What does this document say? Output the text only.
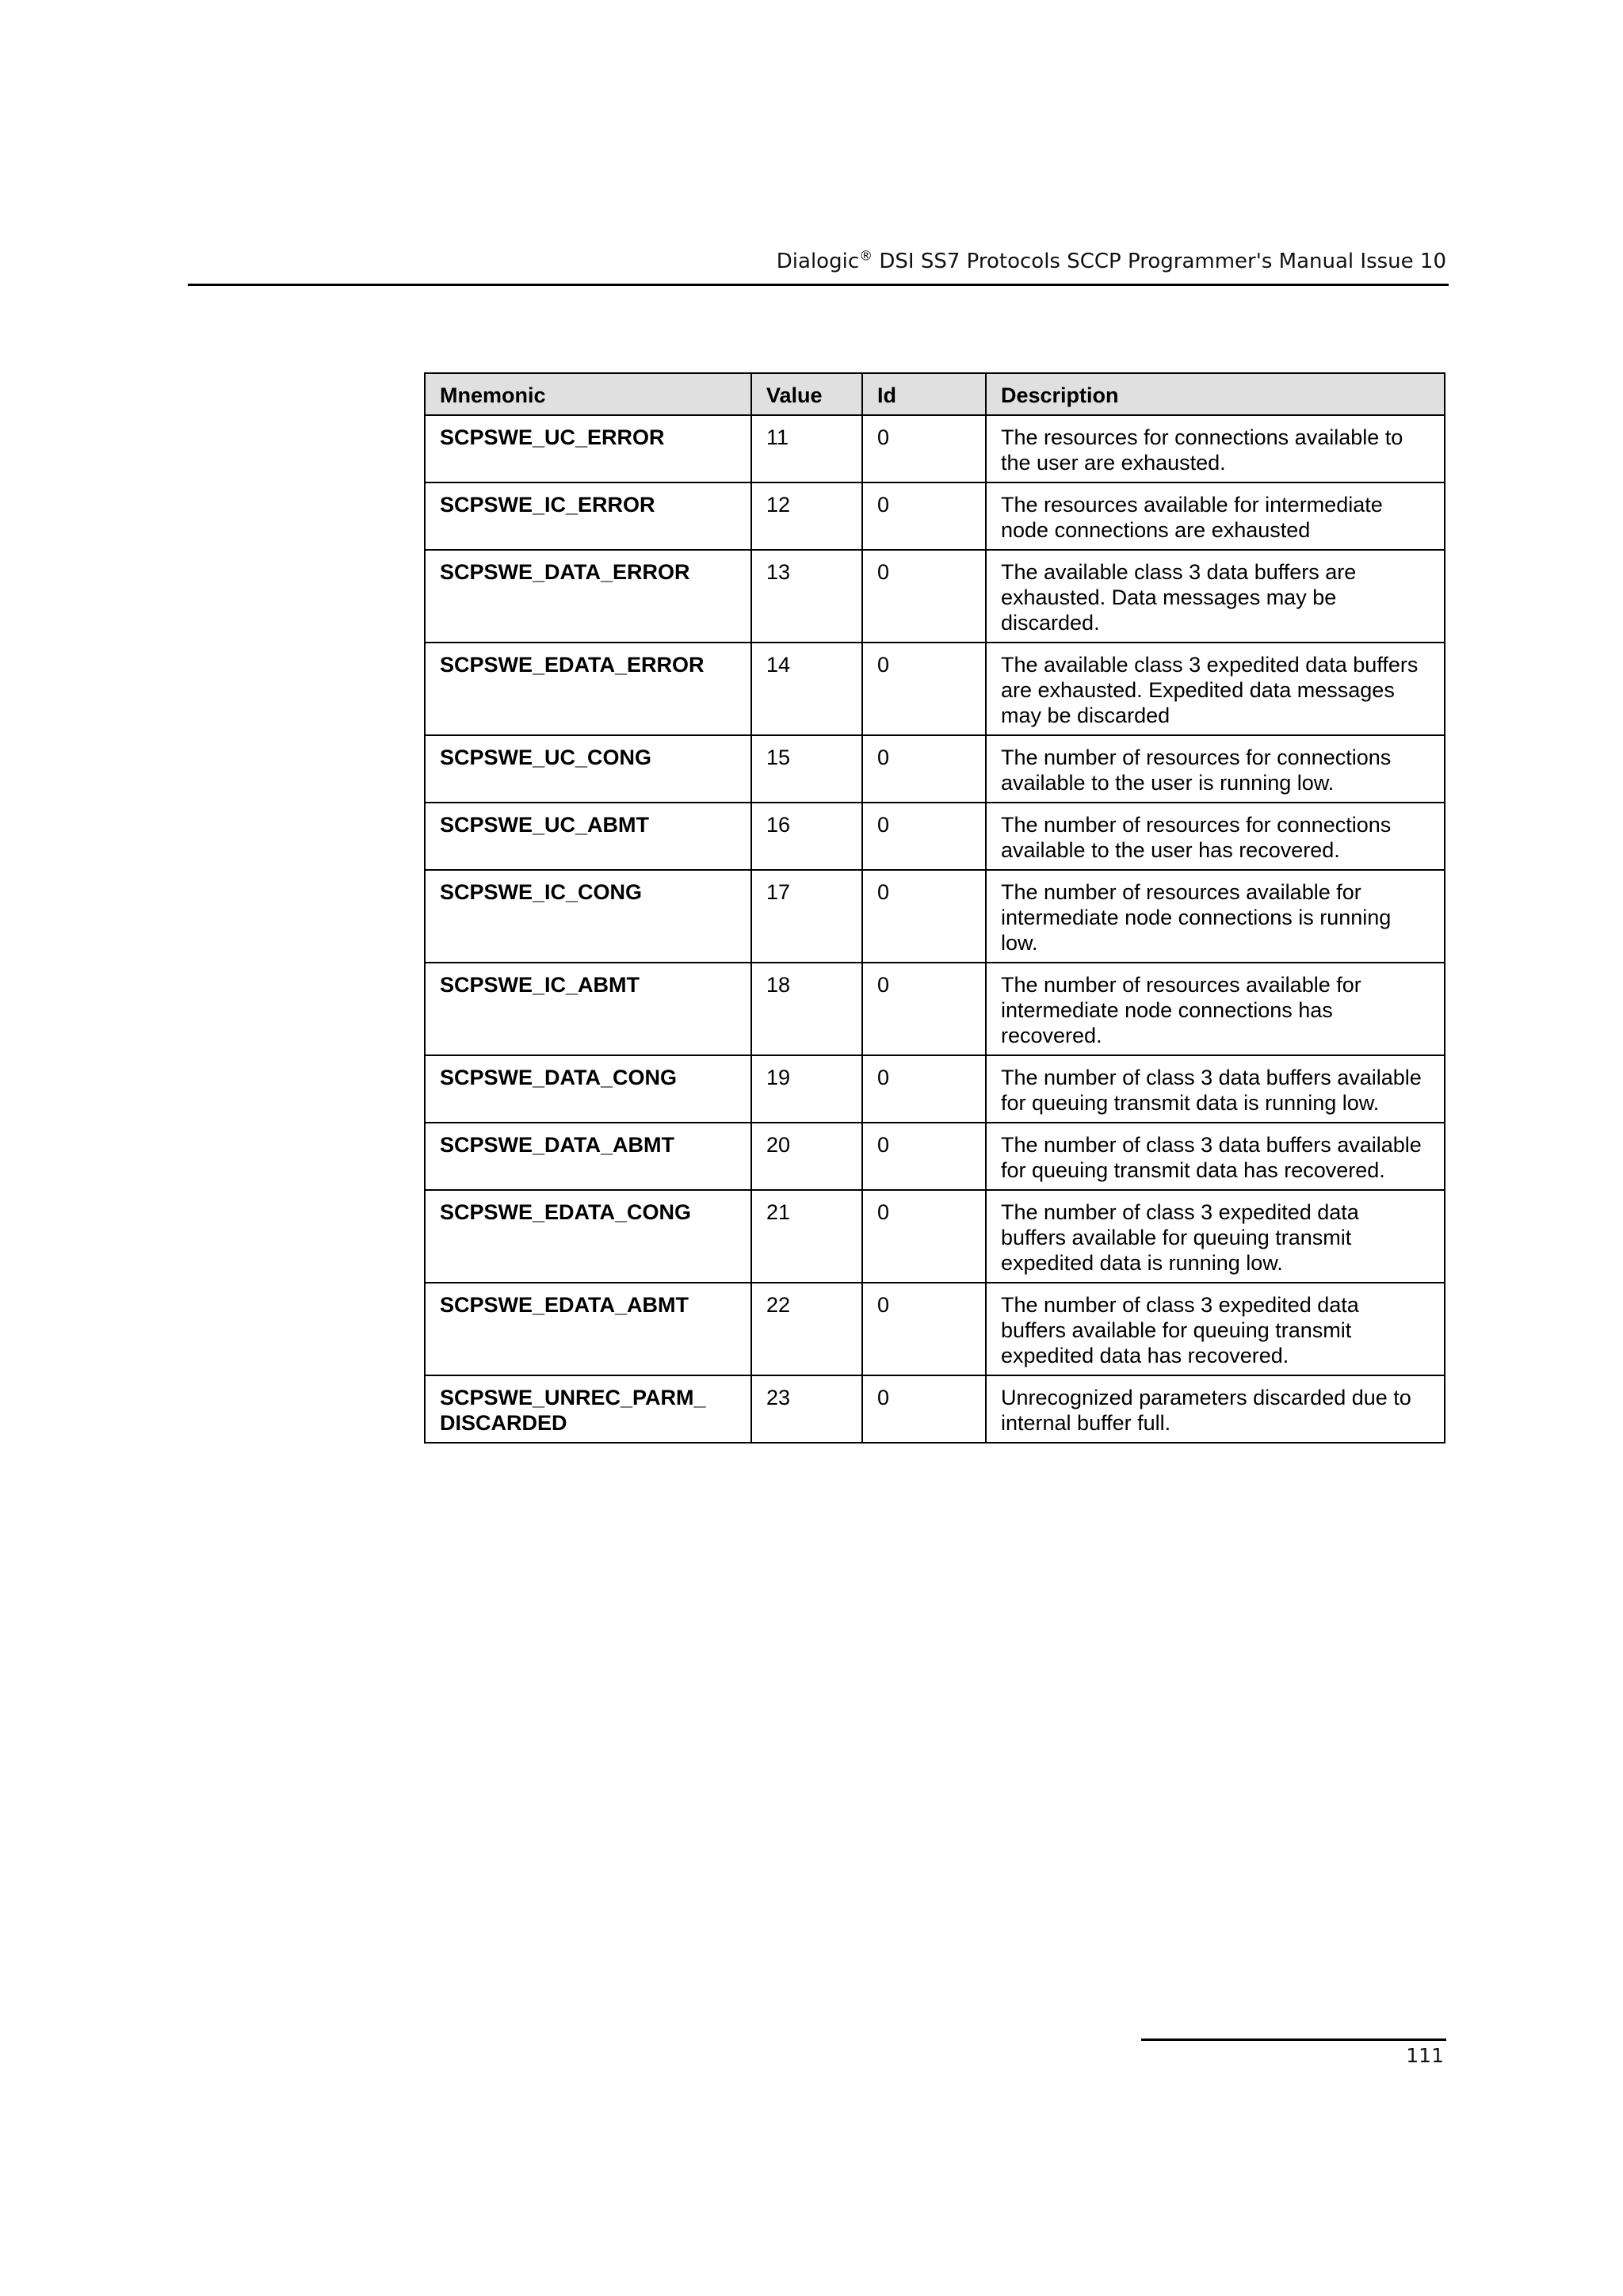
Dialogic® DSI SS7 Protocols SCCP Programmer's Manual Issue 10
Mnemonic	Value	Id	Description
SCPSWE_UC_ERROR	11	0	The resources for connections available to the user are exhausted.
SCPSWE_IC_ERROR	12	0	The resources available for intermediate node connections are exhausted
SCPSWE_DATA_ERROR	13	0	The available class 3 data buffers are exhausted. Data messages may be discarded.
SCPSWE_EDATA_ERROR	14	0	The available class 3 expedited data buffers are exhausted. Expedited data messages may be discarded
SCPSWE_UC_CONG	15	0	The number of resources for connections available to the user is running low.
SCPSWE_UC_ABMT	16	0	The number of resources for connections available to the user has recovered.
SCPSWE_IC_CONG	17	0	The number of resources available for intermediate node connections is running low.
SCPSWE_IC_ABMT	18	0	The number of resources available for intermediate node connections has recovered.
SCPSWE_DATA_CONG	19	0	The number of class 3 data buffers available for queuing transmit data is running low.
SCPSWE_DATA_ABMT	20	0	The number of class 3 data buffers available for queuing transmit data has recovered.
SCPSWE_EDATA_CONG	21	0	The number of class 3 expedited data buffers available for queuing transmit expedited data is running low.
SCPSWE_EDATA_ABMT	22	0	The number of class 3 expedited data buffers available for queuing transmit expedited data has recovered.
SCPSWE_UNREC_PARM_ DISCARDED	23	0	Unrecognized parameters discarded due to internal buffer full.
111
